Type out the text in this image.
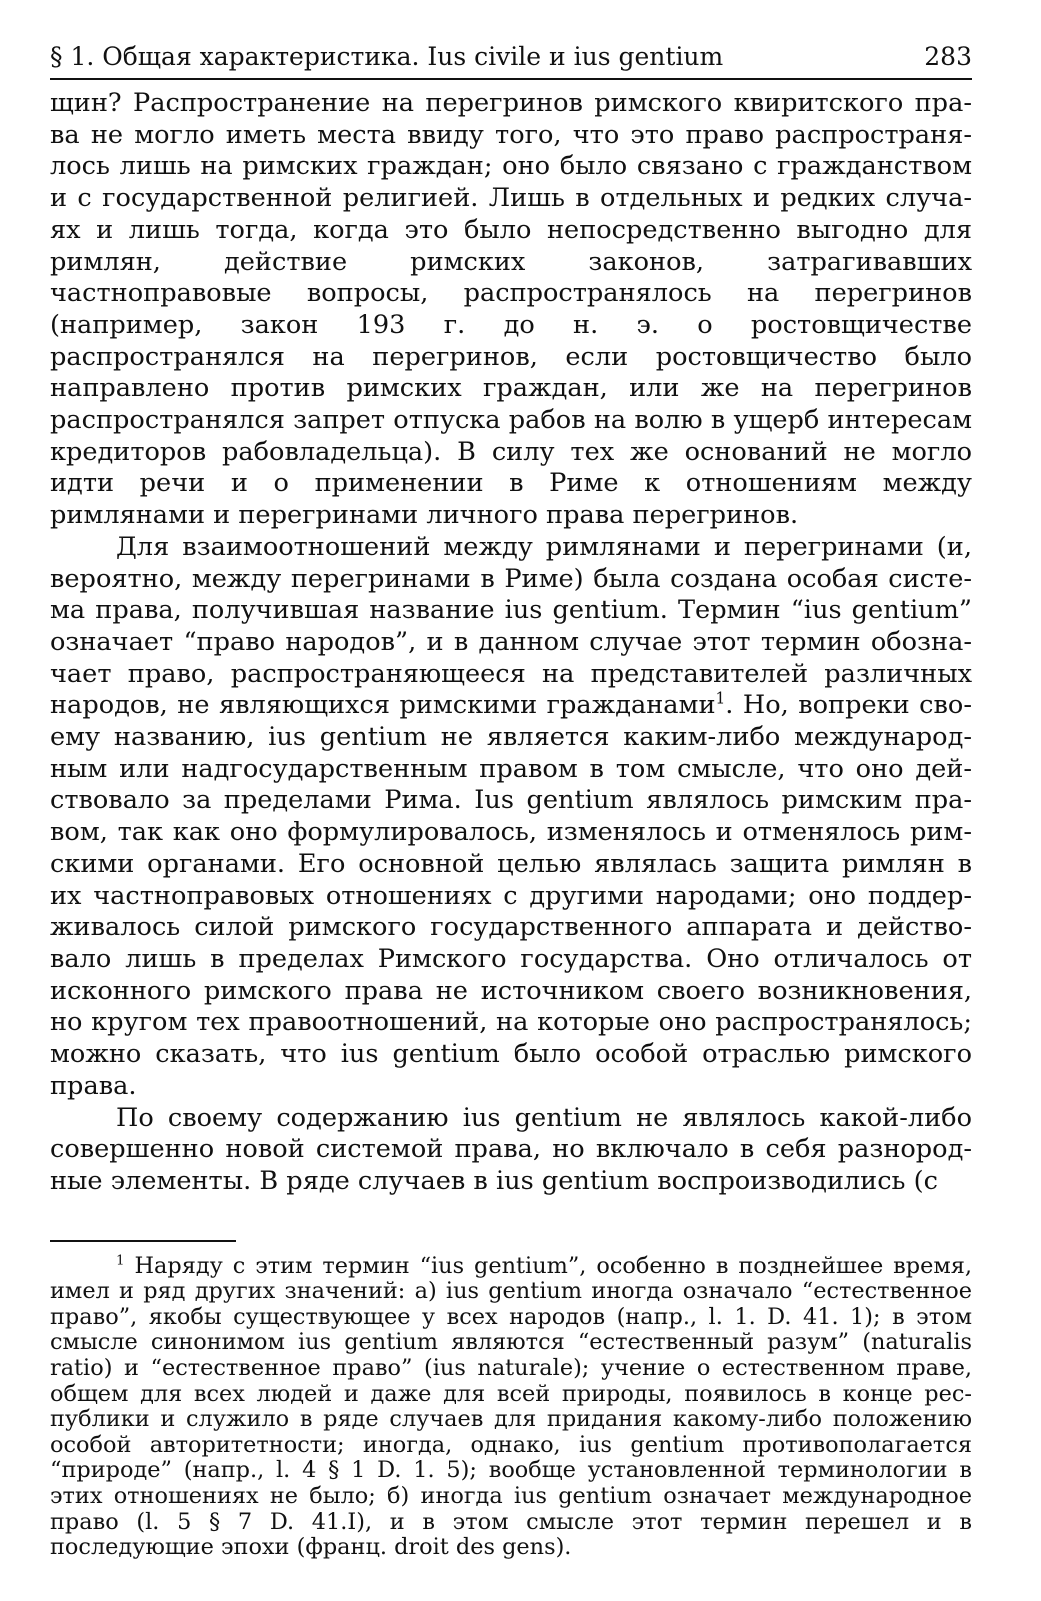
§ 1. Общая характеристика. Ius civile и ius gentium	283

щин? Распространение на перегринов римского квиритского права не могло иметь места ввиду того, что это право распространялось лишь на римских граждан; оно было связано с гражданством и с государственной религией. Лишь в отдельных и редких случаях и лишь тогда, когда это было непосредственно выгодно для римлян, действие римских законов, затрагивавших частноправовые вопросы, распространялось на перегринов (например, закон 193 г. до н. э. о ростовщичестве распространялся на перегринов, если ростовщичество было направлено против римских граждан, или же на перегринов распространялся запрет отпуска рабов на волю в ущерб интересам кредиторов рабовладельца). В силу тех же оснований не могло идти речи и о применении в Риме к отношениям между римлянами и перегринами личного права перегринов.

Для взаимоотношений между римлянами и перегринами (и, вероятно, между перегринами в Риме) была создана особая система права, получившая название ius gentium. Термин “ius gentium” означает “право народов”, и в данном случае этот термин обозначает право, распространяющееся на представителей различных народов, не являющихся римскими гражданами$^1$. Но, вопреки своему названию, ius gentium не является каким-либо международным или надгосударственным правом в том смысле, что оно действовало за пределами Рима. Ius gentium являлось римским правом, так как оно формулировалось, изменялось и отменялось римскими органами. Его основной целью являлась защита римлян в их частноправовых отношениях с другими народами; оно поддерживалось силой римского государственного аппарата и действовало лишь в пределах Римского государства. Оно отличалось от исконного римского права не источником своего возникновения, но кругом тех правоотношений, на которые оно распространялось; можно сказать, что ius gentium было особой отраслью римского права.

По своему содержанию ius gentium не являлось какой-либо совершенно новой системой права, но включало в себя разнородные элементы. В ряде случаев в ius gentium воспроизводились (с

$^1$ Наряду с этим термин “ius gentium”, особенно в позднейшее время, имел и ряд других значений: а) ius gentium иногда означало “естественное право”, якобы существующее у всех народов (напр., l. 1. D. 41. 1); в этом смысле синонимом ius gentium являются “естественный разум” (naturalis ratio) и “естественное право” (ius naturale); учение о естественном праве, общем для всех людей и даже для всей природы, появилось в конце республики и служило в ряде случаев для придания какому-либо положению особой авторитетности; иногда, однако, ius gentium противополагается “природе” (напр., l. 4 § 1 D. 1. 5); вообще установленной терминологии в этих отношениях не было; б) иногда ius gentium означает международное право (l. 5 § 7 D. 41.I), и в этом смысле этот термин перешел и в последующие эпохи (франц. droit des gens).
